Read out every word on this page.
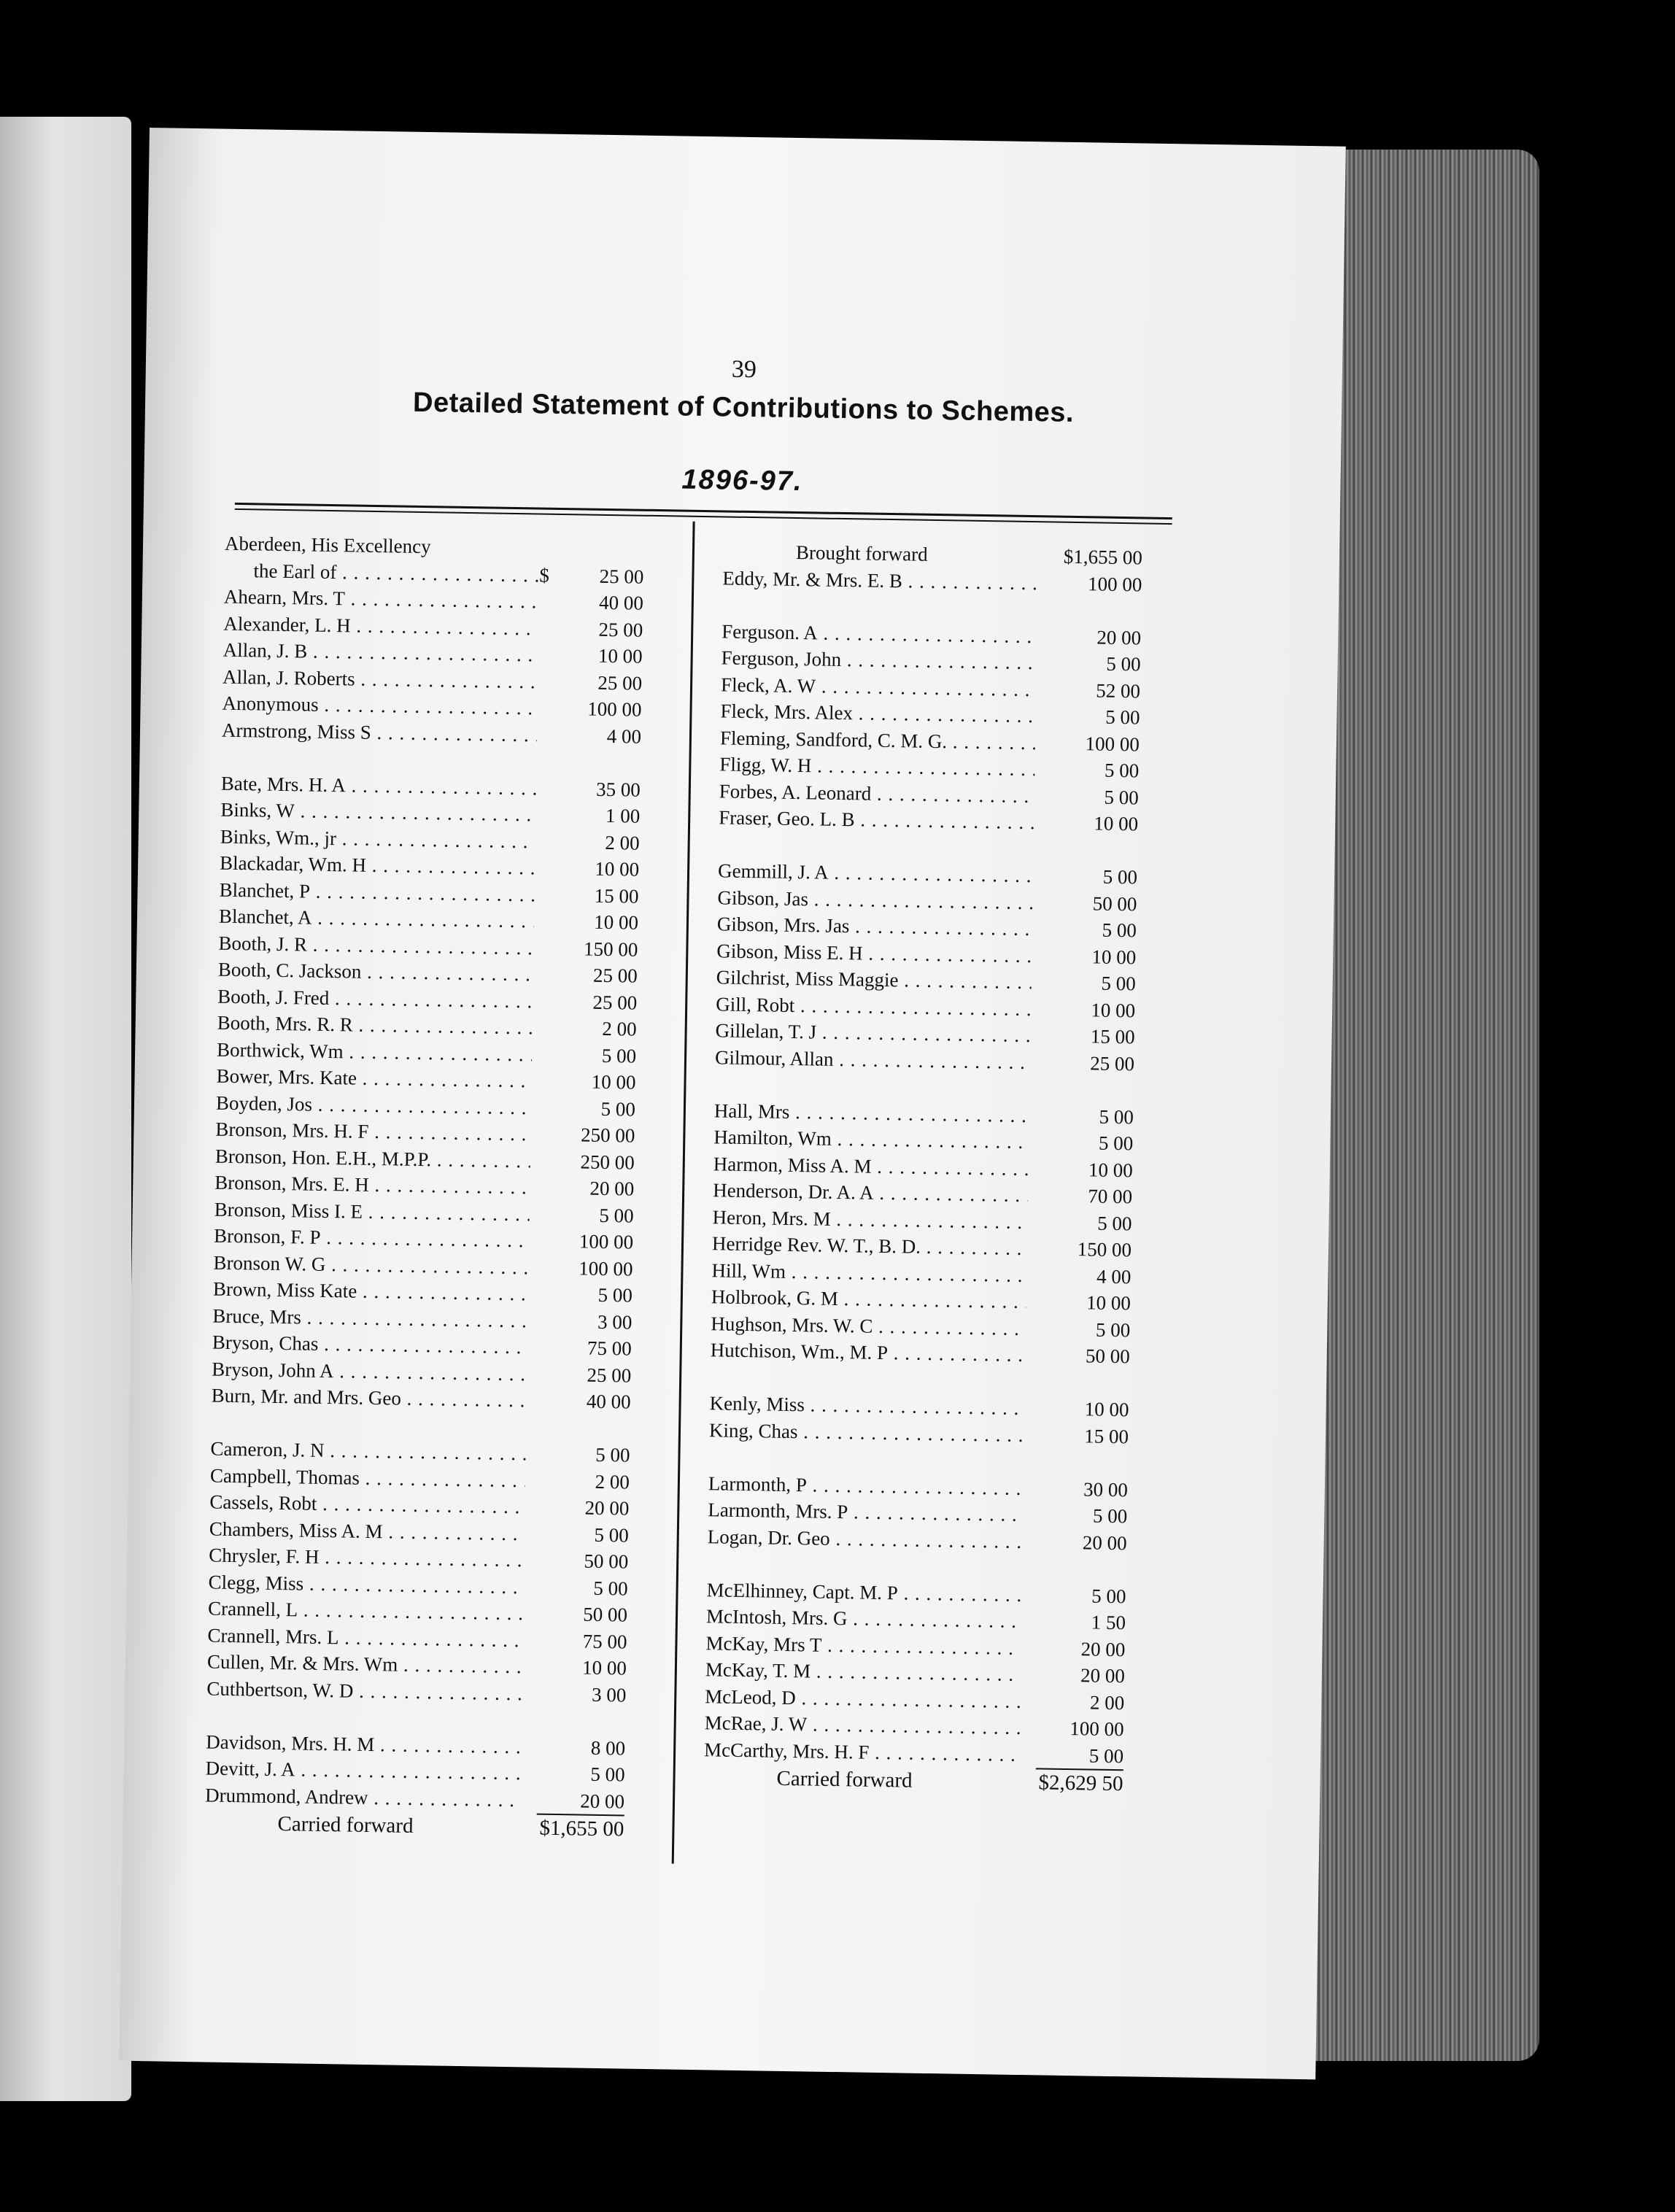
39
Detailed Statement of Contributions to Schemes.
1896-97.
Aberdeen, His Excellency
the Earl of . . .	$	25 00
Ahearn, Mrs. T . . .	40 00
Alexander, L. H . . .	25 00
Allan, J. B . . .	10 00
Allan, J. Roberts . . .	25 00
Anonymous . . .	100 00
Armstrong, Miss S . . .	4 00
Bate, Mrs. H. A . . .	35 00
Binks, W . . .	1 00
Binks, Wm., jr . . .	2 00
Blackadar, Wm. H . . .	10 00
Blanchet, P . . .	15 00
Blanchet, A . . .	10 00
Booth, J. R . . .	150 00
Booth, C. Jackson . . .	25 00
Booth, J. Fred . . .	25 00
Booth, Mrs. R. R . . .	2 00
Borthwick, Wm . . .	5 00
Bower, Mrs. Kate . . .	10 00
Boyden, Jos . . .	5 00
Bronson, Mrs. H. F . . .	250 00
Bronson, Hon. E.H., M.P.P. . . .	250 00
Bronson, Mrs. E. H . . .	20 00
Bronson, Miss I. E . . .	5 00
Bronson, F. P . . .	100 00
Bronson W. G . . .	100 00
Brown, Miss Kate . . .	5 00
Bruce, Mrs . . .	3 00
Bryson, Chas . . .	75 00
Bryson, John A . . .	25 00
Burn, Mr. and Mrs. Geo . . .	40 00
Cameron, J. N . . .	5 00
Campbell, Thomas . . .	2 00
Cassels, Robt . . .	20 00
Chambers, Miss A. M . . .	5 00
Chrysler, F. H . . .	50 00
Clegg, Miss . . .	5 00
Crannell, L . . .	50 00
Crannell, Mrs. L . . .	75 00
Cullen, Mr. & Mrs. Wm . . .	10 00
Cuthbertson, W. D . . .	3 00
Davidson, Mrs. H. M . . .	8 00
Devitt, J. A . . .	5 00
Drummond, Andrew . . .	20 00
Carried forward	$1,655 00
Brought forward	$1,655 00
Eddy, Mr. & Mrs. E. B . . .	100 00
Ferguson. A . . .	20 00
Ferguson, John . . .	5 00
Fleck, A. W . . .	52 00
Fleck, Mrs. Alex . . .	5 00
Fleming, Sandford, C. M. G. . . .	100 00
Fligg, W. H . . .	5 00
Forbes, A. Leonard . . .	5 00
Fraser, Geo. L. B . . .	10 00
Gemmill, J. A . . .	5 00
Gibson, Jas . . .	50 00
Gibson, Mrs. Jas . . .	5 00
Gibson, Miss E. H . . .	10 00
Gilchrist, Miss Maggie . . .	5 00
Gill, Robt . . .	10 00
Gillelan, T. J . . .	15 00
Gilmour, Allan . . .	25 00
Hall, Mrs . . .	5 00
Hamilton, Wm . . .	5 00
Harmon, Miss A. M . . .	10 00
Henderson, Dr. A. A . . .	70 00
Heron, Mrs. M . . .	5 00
Herridge Rev. W. T., B. D. . . .	150 00
Hill, Wm . . .	4 00
Holbrook, G. M . . .	10 00
Hughson, Mrs. W. C . . .	5 00
Hutchison, Wm., M. P . . .	50 00
Kenly, Miss . . .	10 00
King, Chas . . .	15 00
Larmonth, P . . .	30 00
Larmonth, Mrs. P . . .	5 00
Logan, Dr. Geo . . .	20 00
McElhinney, Capt. M. P . . .	5 00
McIntosh, Mrs. G . . .	1 50
McKay, Mrs T . . .	20 00
McKay, T. M . . .	20 00
McLeod, D . . .	2 00
McRae, J. W . . .	100 00
McCarthy, Mrs. H. F . . .	5 00
Carried forward	$2,629 50
